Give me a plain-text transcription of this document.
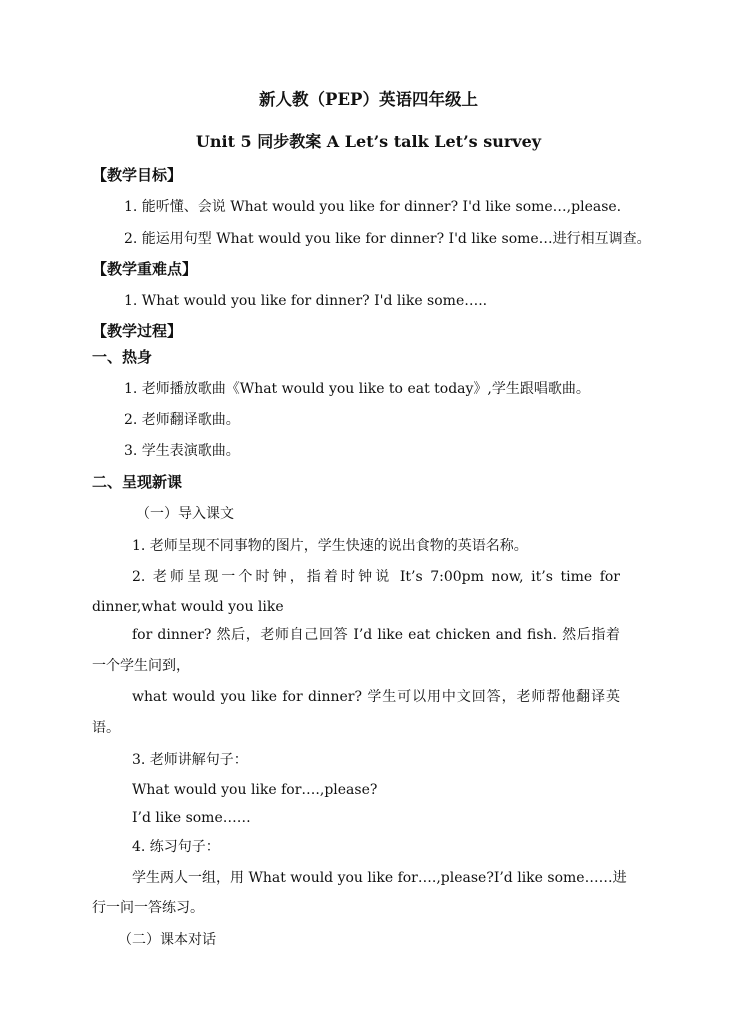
新人教（PEP）英语四年级上
Unit 5 同步教案 A Let’s talk Let’s survey
【教学目标】
1. 能听懂、会说 What would you like for dinner? I'd like some…,please.
2. 能运用句型 What would you like for dinner? I'd like some…进行相互调查。
【教学重难点】
1. What would you like for dinner? I'd like some…..
【教学过程】
一、热身
1. 老师播放歌曲《What would you like to eat today》,学生跟唱歌曲。
2. 老师翻译歌曲。
3. 学生表演歌曲。
二、呈现新课
（一）导入课文
1. 老师呈现不同事物的图片，学生快速的说出食物的英语名称。
2. 老师呈现一个时钟，指着时钟说 It’s 7:00pm now, it’s time for
dinner,what would you like
for dinner? 然后，老师自己回答 I’d like eat chicken and fish. 然后指着
一个学生问到，
what would you like for dinner? 学生可以用中文回答，老师帮他翻译英
语。
3. 老师讲解句子：
What would you like for….,please?
I’d like some……
4. 练习句子：
学生两人一组，用 What would you like for….,please?I’d like some……进
行一问一答练习。
（二）课本对话
